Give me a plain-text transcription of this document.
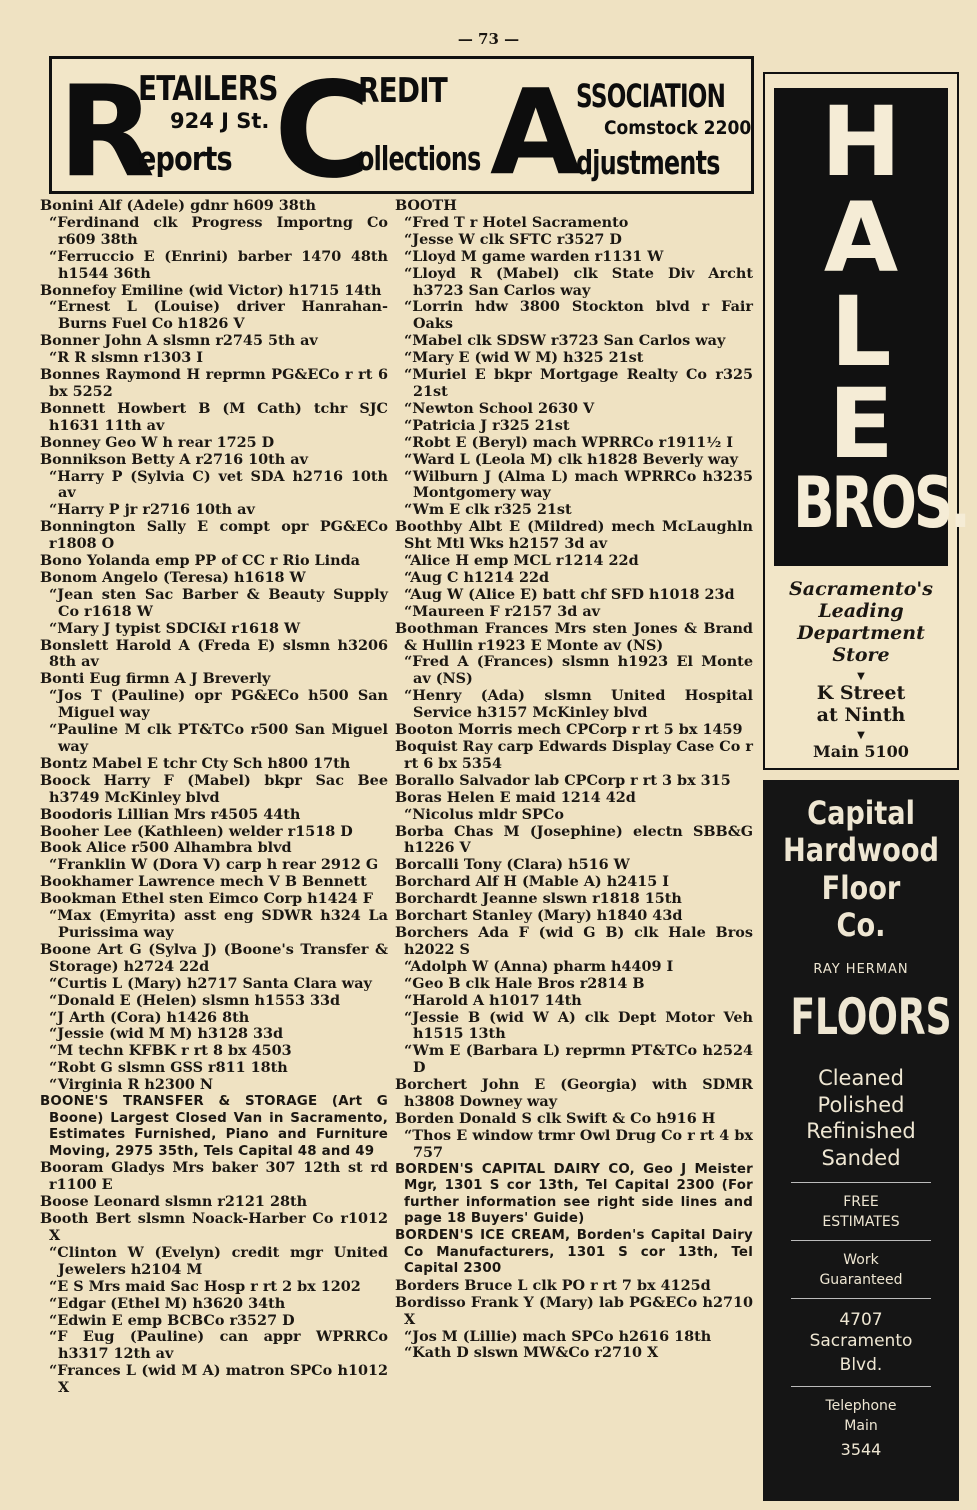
— 73 —
R
ETAILERS
924 J St.
eports C
REDIT
ollections A
SSOCIATION
Comstock 2200
djustments
Bonini Alf (Adele) gdnr h609 38th
“ Ferdinand clk Progress Importng Co r609 38th
“ Ferruccio E (Enrini) barber 1470 48th h1544 36th
Bonnefoy Emiline (wid Victor) h1715 14th
“ Ernest L (Louise) driver Hanrahan-Burns Fuel Co h1826 V
Bonner John A slsmn r2745 5th av
“ R R slsmn r1303 I
Bonnes Raymond H reprmn PG&ECo r rt 6 bx 5252
Bonnett Howbert B (M Cath) tchr SJC h1631 11th av
Bonney Geo W h rear 1725 D
Bonnikson Betty A r2716 10th av
“ Harry P (Sylvia C) vet SDA h2716 10th av
“ Harry P jr r2716 10th av
Bonnington Sally E compt opr PG&ECo r1808 O
Bono Yolanda emp PP of CC r Rio Linda
Bonom Angelo (Teresa) h1618 W
“ Jean sten Sac Barber & Beauty Supply Co r1618 W
“ Mary J typist SDCI&I r1618 W
Bonslett Harold A (Freda E) slsmn h3206 8th av
Bonti Eug firmn A J Breverly
“ Jos T (Pauline) opr PG&ECo h500 San Miguel way
“ Pauline M clk PT&TCo r500 San Miguel way
Bontz Mabel E tchr Cty Sch h800 17th
Boock Harry F (Mabel) bkpr Sac Bee h3749 McKinley blvd
Boodoris Lillian Mrs r4505 44th
Booher Lee (Kathleen) welder r1518 D
Book Alice r500 Alhambra blvd
“ Franklin W (Dora V) carp h rear 2912 G
Bookhamer Lawrence mech V B Bennett
Bookman Ethel sten Eimco Corp h1424 F
“ Max (Emyrita) asst eng SDWR h324 La Purissima way
Boone Art G (Sylva J) (Boone's Transfer & Storage) h2724 22d
“ Curtis L (Mary) h2717 Santa Clara way
“ Donald E (Helen) slsmn h1553 33d
“ J Arth (Cora) h1426 8th
“ Jessie (wid M M) h3128 33d
“ M techn KFBK r rt 8 bx 4503
“ Robt G slsmn GSS r811 18th
“ Virginia R h2300 N
BOONE'S TRANSFER & STORAGE (Art G Boone) Largest Closed Van in Sacramento, Estimates Furnished, Piano and Furniture Moving, 2975 35th, Tels Capital 48 and 49
Booram Gladys Mrs baker 307 12th st rd r1100 E
Boose Leonard slsmn r2121 28th
Booth Bert slsmn Noack-Harber Co r1012 X
“ Clinton W (Evelyn) credit mgr United Jewelers h2104 M
“ E S Mrs maid Sac Hosp r rt 2 bx 1202
“ Edgar (Ethel M) h3620 34th
“ Edwin E emp BCBCo r3527 D
“ F Eug (Pauline) can appr WPRRCo h3317 12th av
“ Frances L (wid M A) matron SPCo h1012 X
BOOTH
“ Fred T r Hotel Sacramento
“ Jesse W clk SFTC r3527 D
“ Lloyd M game warden r1131 W
“ Lloyd R (Mabel) clk State Div Archt h3723 San Carlos way
“ Lorrin hdw 3800 Stockton blvd r Fair Oaks
“ Mabel clk SDSW r3723 San Carlos way
“ Mary E (wid W M) h325 21st
“ Muriel E bkpr Mortgage Realty Co r325 21st
“ Newton School 2630 V
“ Patricia J r325 21st
“ Robt E (Beryl) mach WPRRCo r1911½ I
“ Ward L (Leola M) clk h1828 Beverly way
“ Wilburn J (Alma L) mach WPRRCo h3235 Montgomery way
“ Wm E clk r325 21st
Boothby Albt E (Mildred) mech McLaughln Sht Mtl Wks h2157 3d av
“ Alice H emp MCL r1214 22d
“ Aug C h1214 22d
“ Aug W (Alice E) batt chf SFD h1018 23d
“ Maureen F r2157 3d av
Boothman Frances Mrs sten Jones & Brand & Hullin r1923 E Monte av (NS)
“ Fred A (Frances) slsmn h1923 El Monte av (NS)
“ Henry (Ada) slsmn United Hospital Service h3157 McKinley blvd
Booton Morris mech CPCorp r rt 5 bx 1459
Boquist Ray carp Edwards Display Case Co r rt 6 bx 5354
Borallo Salvador lab CPCorp r rt 3 bx 315
Boras Helen E maid 1214 42d
“ Nicolus mldr SPCo
Borba Chas M (Josephine) electn SBB&G h1226 V
Borcalli Tony (Clara) h516 W
Borchard Alf H (Mable A) h2415 I
Borchardt Jeanne slswn r1818 15th
Borchart Stanley (Mary) h1840 43d
Borchers Ada F (wid G B) clk Hale Bros h2022 S
“ Adolph W (Anna) pharm h4409 I
“ Geo B clk Hale Bros r2814 B
“ Harold A h1017 14th
“ Jessie B (wid W A) clk Dept Motor Veh h1515 13th
“ Wm E (Barbara L) reprmn PT&TCo h2524 D
Borchert John E (Georgia) with SDMR h3808 Downey way
Borden Donald S clk Swift & Co h916 H
“ Thos E window trmr Owl Drug Co r rt 4 bx 757
BORDEN'S CAPITAL DAIRY CO, Geo J Meister Mgr, 1301 S cor 13th, Tel Capital 2300 (For further information see right side lines and page 18 Buyers' Guide)
BORDEN'S ICE CREAM, Borden's Capital Dairy Co Manufacturers, 1301 S cor 13th, Tel Capital 2300
Borders Bruce L clk PO r rt 7 bx 4125d
Bordisso Frank Y (Mary) lab PG&ECo h2710 X
“ Jos M (Lillie) mach SPCo h2616 18th
“ Kath D slswn MW&Co r2710 X
H
A
L
E
BROS.
Sacramento's
Leading
Department
Store
▼
K Street
at Ninth
▼
Main 5100
Capital
Hardwood
Floor
Co.
RAY HERMAN
FLOORS
Cleaned
Polished
Refinished
Sanded
FREE
ESTIMATES
Work
Guaranteed
4707
Sacramento
Blvd.
Telephone
Main
3544
